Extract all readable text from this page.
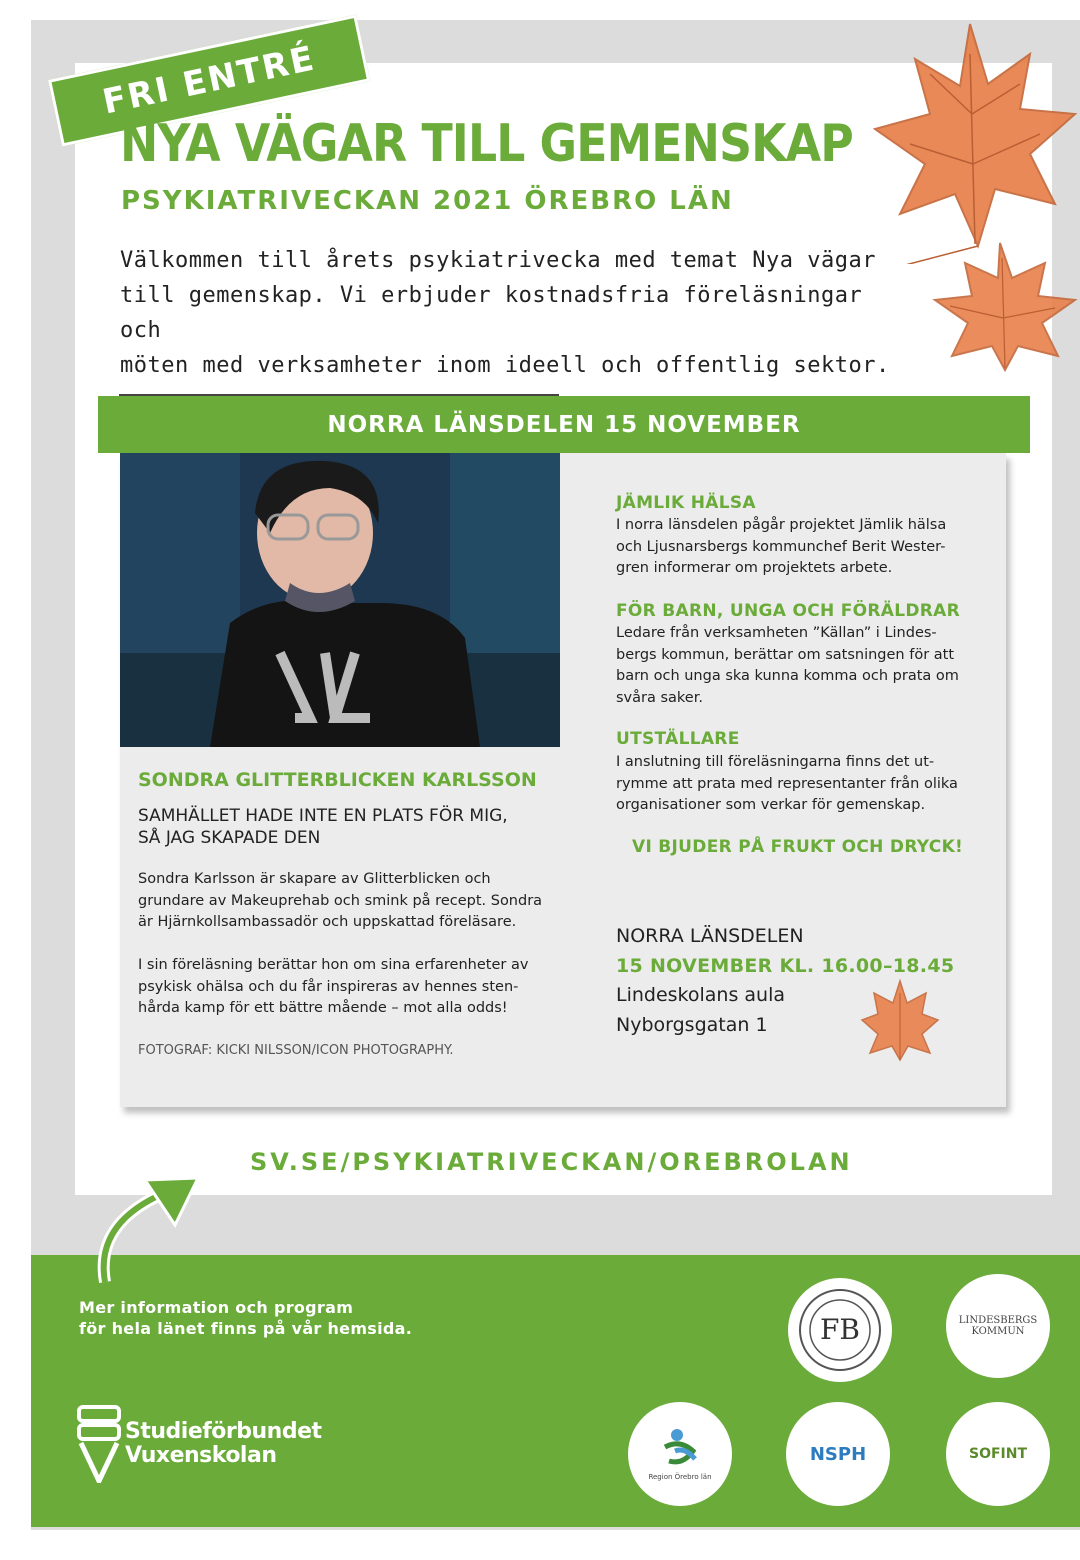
FRI ENTRÉ
NYA VÄGAR TILL GEMENSKAP
PSYKIATRIVECKAN 2021 ÖREBRO LÄN
Välkommen till årets psykiatrivecka med temat Nya vägar
till gemenskap. Vi erbjuder kostnadsfria föreläsningar och
möten med verksamheter inom ideell och offentlig sektor.
NORRA LÄNSDELEN 15 NOVEMBER
SONDRA GLITTERBLICKEN KARLSSON
SAMHÄLLET HADE INTE EN PLATS FÖR MIG,
SÅ JAG SKAPADE DEN
Sondra Karlsson är skapare av Glitterblicken och
grundare av Makeuprehab och smink på recept. Sondra
är Hjärnkollsambassadör och uppskattad föreläsare.
I sin föreläsning berättar hon om sina erfarenheter av
psykisk ohälsa och du får inspireras av hennes sten-
hårda kamp för ett bättre mående – mot alla odds!
FOTOGRAF: KICKI NILSSON/ICON PHOTOGRAPHY.
JÄMLIK HÄLSA
I norra länsdelen pågår projektet Jämlik hälsa
och Ljusnarsbergs kommunchef Berit Wester-
gren informerar om projektets arbete.
FÖR BARN, UNGA OCH FÖRÄLDRAR
Ledare från verksamheten ”Källan” i Lindes-
bergs kommun, berättar om satsningen för att
barn och unga ska kunna komma och prata om
svåra saker.
UTSTÄLLARE
I anslutning till föreläsningarna finns det ut-
rymme att prata med representanter från olika
organisationer som verkar för gemenskap.
VI BJUDER PÅ FRUKT OCH DRYCK!
NORRA LÄNSDELEN
15 NOVEMBER KL. 16.00–18.45
Lindeskolans aula
Nyborgsgatan 1
SV.SE/PSYKIATRIVECKAN/OREBROLAN
Mer information och program
för hela länet finns på vår hemsida.
Studieförbundet
Vuxenskolan
FB	LINDESBERGS
KOMMUN
Region Örebro län
NSPH	SOFINT
